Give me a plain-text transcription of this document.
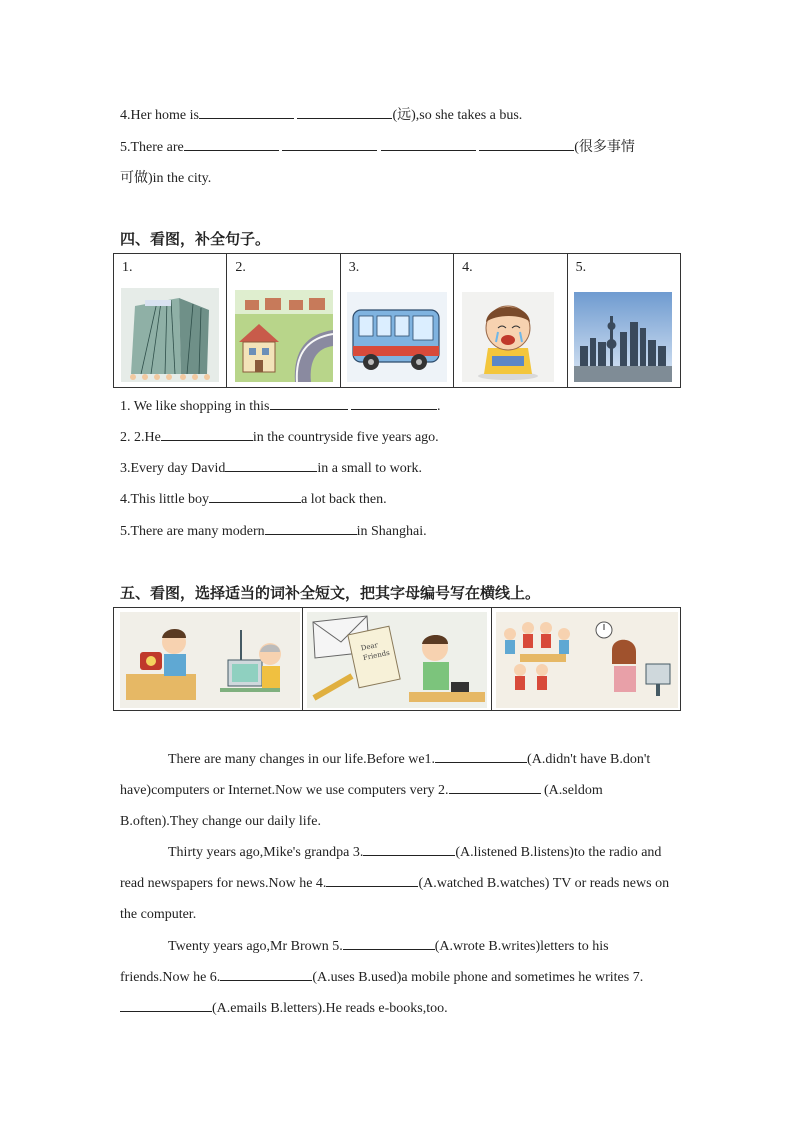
4.Her home is	(远),so she takes a bus.
5.There are	(很多事情
可做)in the city.
四、看图，补全句子。
1.	2.	3.	4.	5.
1. We like shopping in this	.
2. 2.He	in the countryside five years ago.
3.Every day David	in a small to work.
4.This little boy	a lot back then.
5.There are many modern	in Shanghai.
五、看图，选择适当的词补全短文，把其字母编号写在横线上。

Dear
Friends

There are many changes in our life.Before we1.	(A.didn't have B.don't have)computers or Internet.Now we use computers very 2.	(A.seldom B.often).They change our daily life.
Thirty years ago,Mike's grandpa 3.	(A.listened B.listens)to the radio and read newspapers for news.Now he 4.	(A.watched B.watches) TV or reads news on the computer.
Twenty years ago,Mr Brown 5.	(A.wrote B.writes)letters to his friends.Now he 6.	(A.uses B.used)a mobile phone and sometimes he writes 7.(A.emails B.letters).He reads e-books,too.
